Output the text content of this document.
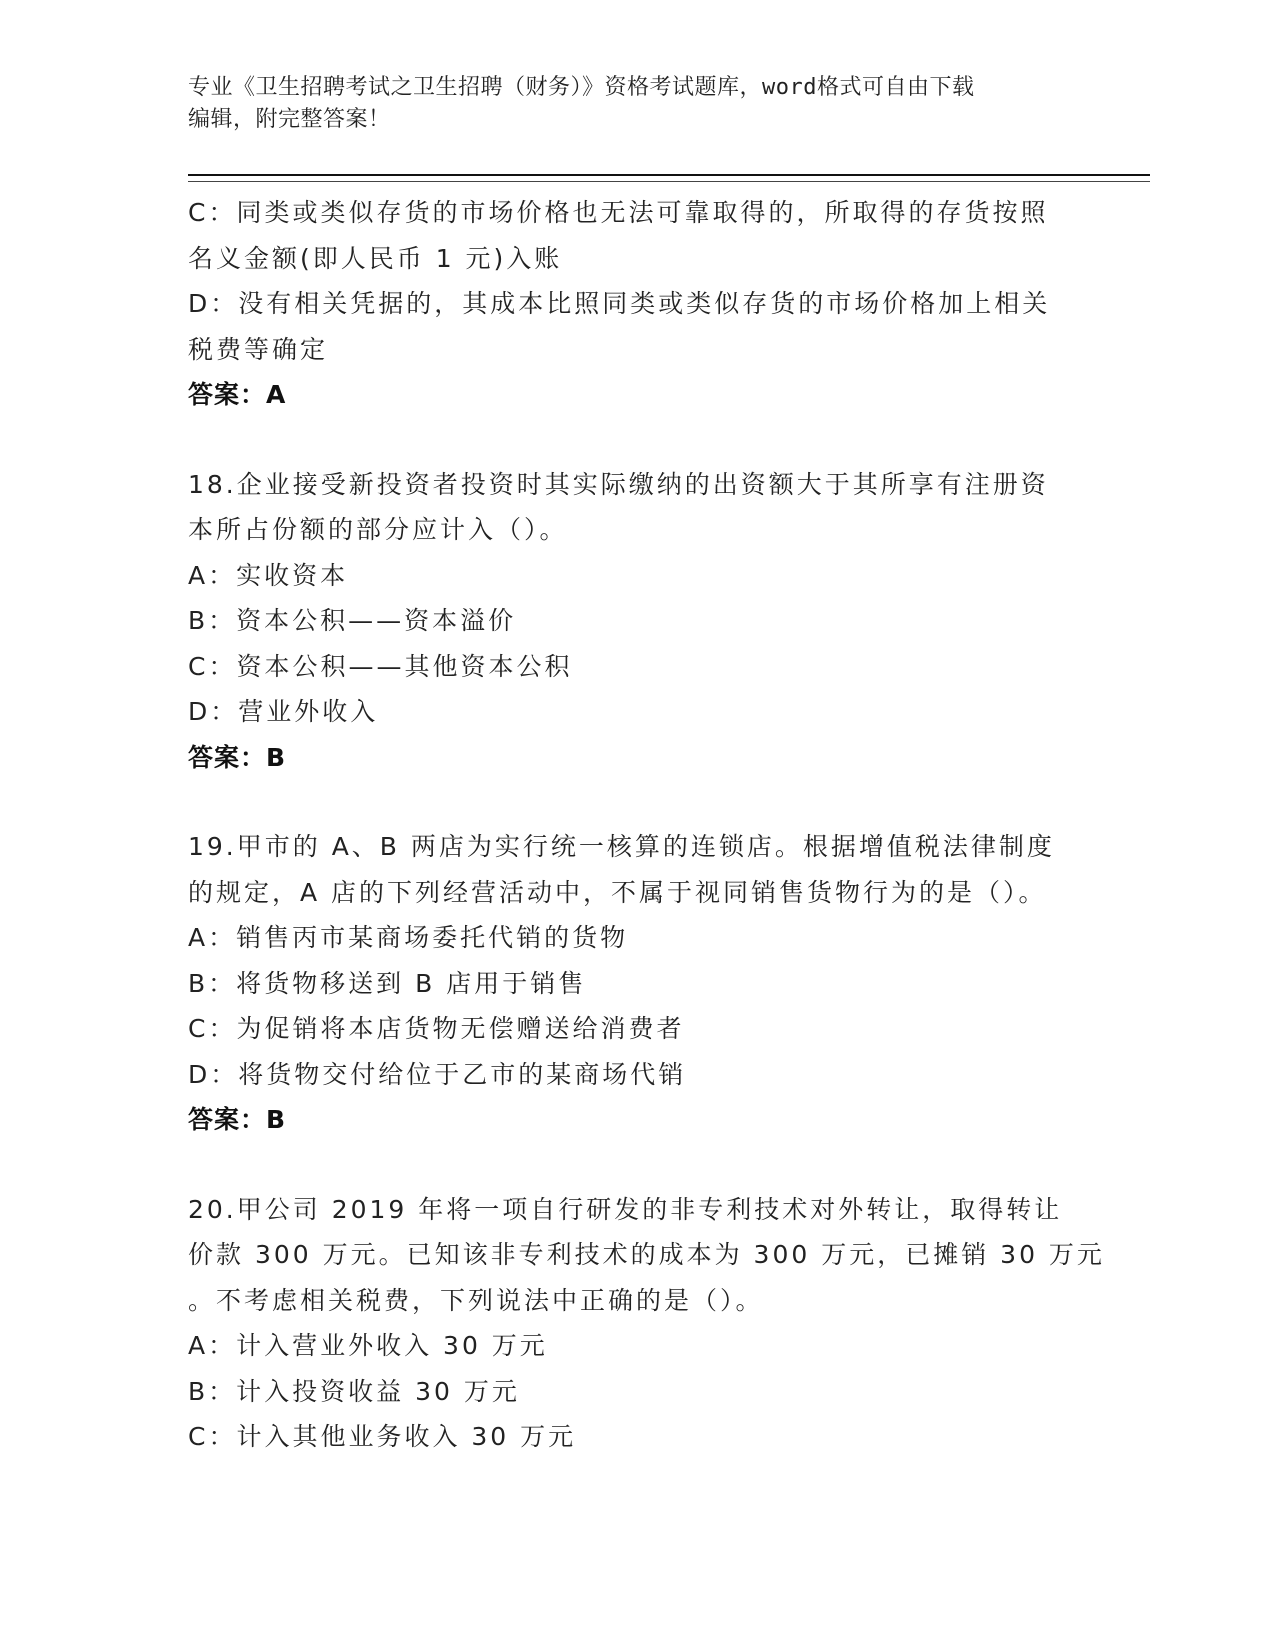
专业《卫生招聘考试之卫生招聘（财务）》资格考试题库，word格式可自由下载
编辑，附完整答案！
C：同类或类似存货的市场价格也无法可靠取得的，所取得的存货按照
名义金额(即人民币 1 元)入账
D：没有相关凭据的，其成本比照同类或类似存货的市场价格加上相关
税费等确定
答案：A
18.企业接受新投资者投资时其实际缴纳的出资额大于其所享有注册资
本所占份额的部分应计入（）。
A：实收资本
B：资本公积——资本溢价
C：资本公积——其他资本公积
D：营业外收入
答案：B
19.甲市的 A、B 两店为实行统一核算的连锁店。根据增值税法律制度
的规定，A 店的下列经营活动中，不属于视同销售货物行为的是（）。
A：销售丙市某商场委托代销的货物
B：将货物移送到 B 店用于销售
C：为促销将本店货物无偿赠送给消费者
D：将货物交付给位于乙市的某商场代销
答案：B
20.甲公司 2019 年将一项自行研发的非专利技术对外转让，取得转让
价款 300 万元。已知该非专利技术的成本为 300 万元，已摊销 30 万元
。不考虑相关税费，下列说法中正确的是（）。
A：计入营业外收入 30 万元
B：计入投资收益 30 万元
C：计入其他业务收入 30 万元
